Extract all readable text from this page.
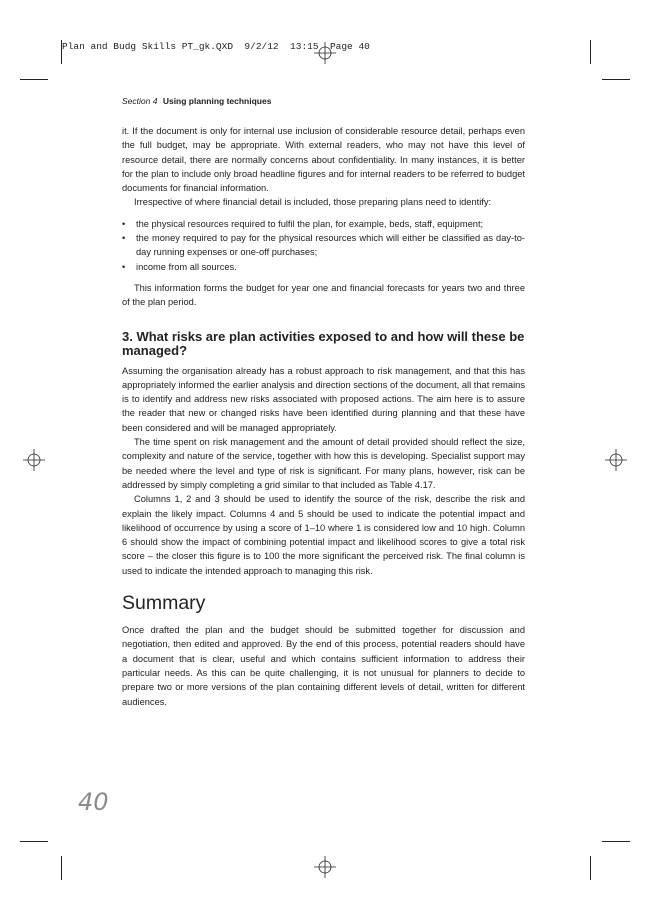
Plan and Budg Skills PT_gk.QXD  9/2/12  13:15  Page 40
Section 4 Using planning techniques

it. If the document is only for internal use inclusion of considerable resource detail, perhaps even the full budget, may be appropriate. With external readers, who may not have this level of resource detail, there are normally concerns about confidentiality. In many instances, it is better for the plan to include only broad headline figures and for internal readers to be referred to budget documents for financial information.

Irrespective of where financial detail is included, those preparing plans need to identify:

• the physical resources required to fulfil the plan, for example, beds, staff, equipment;
• the money required to pay for the physical resources which will either be classified as day-to-day running expenses or one-off purchases;
• income from all sources.

This information forms the budget for year one and financial forecasts for years two and three of the plan period.

3. What risks are plan activities exposed to and how will these be managed?

Assuming the organisation already has a robust approach to risk management, and that this has appropriately informed the earlier analysis and direction sections of the document, all that remains is to identify and address new risks associated with proposed actions. The aim here is to assure the reader that new or changed risks have been identified during planning and that these have been considered and will be managed appropriately.

The time spent on risk management and the amount of detail provided should reflect the size, complexity and nature of the service, together with how this is developing. Specialist support may be needed where the level and type of risk is significant. For many plans, however, risk can be addressed by simply completing a grid similar to that included as Table 4.17.

Columns 1, 2 and 3 should be used to identify the source of the risk, describe the risk and explain the likely impact. Columns 4 and 5 should be used to indicate the potential impact and likelihood of occurrence by using a score of 1–10 where 1 is considered low and 10 high. Column 6 should show the impact of combining potential impact and likelihood scores to give a total risk score – the closer this figure is to 100 the more significant the perceived risk. The final column is used to indicate the intended approach to managing this risk.

Summary

Once drafted the plan and the budget should be submitted together for discussion and negotiation, then edited and approved. By the end of this process, potential readers should have a document that is clear, useful and which contains sufficient information to address their particular needs. As this can be quite challenging, it is not unusual for planners to decide to prepare two or more versions of the plan containing different levels of detail, written for different audiences.

40
